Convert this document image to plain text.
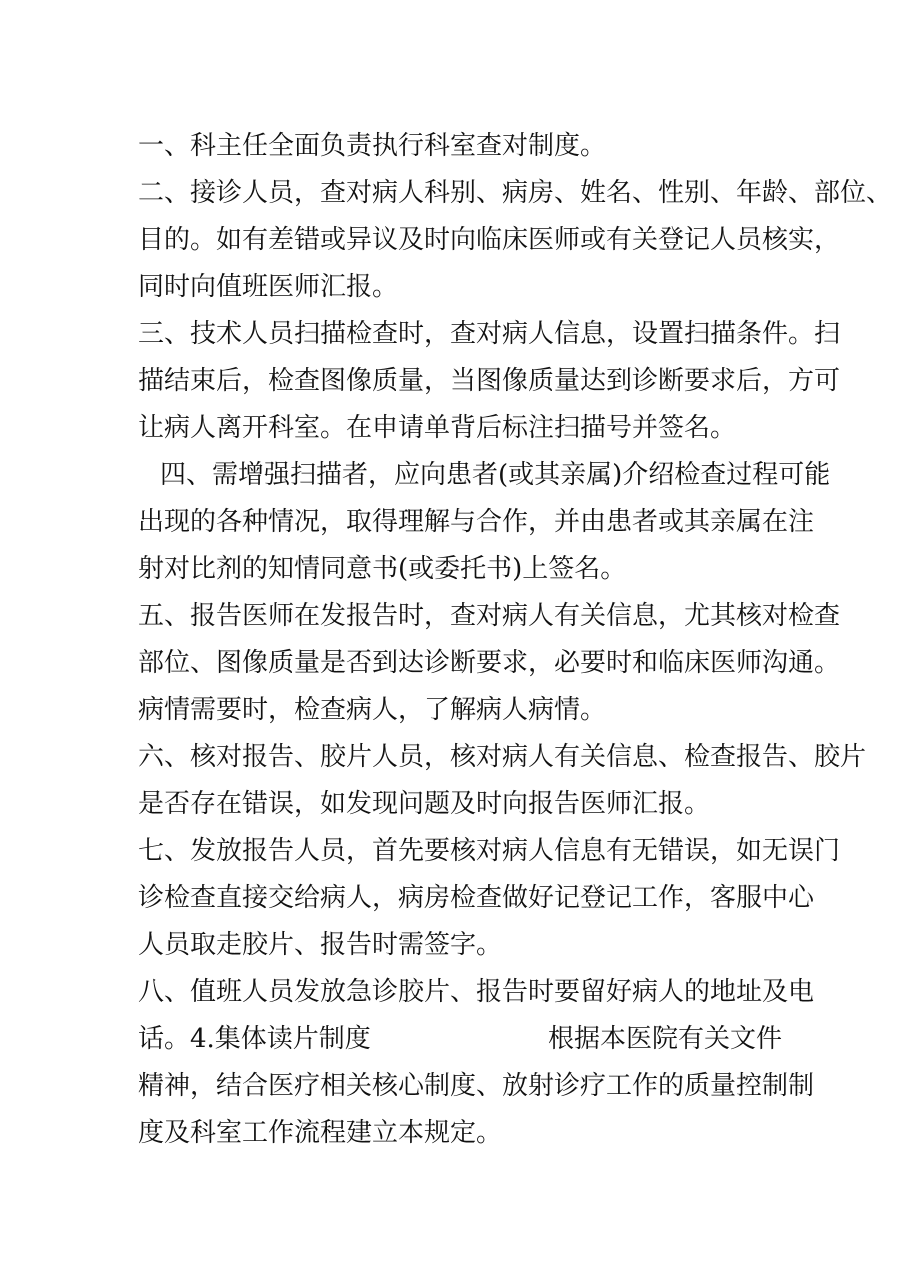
一、科主任全面负责执行科室查对制度。
二、接诊人员，查对病人科别、病房、姓名、性别、年龄、部位、
目的。如有差错或异议及时向临床医师或有关登记人员核实，
同时向值班医师汇报。
三、技术人员扫描检查时，查对病人信息，设置扫描条件。扫
描结束后，检查图像质量，当图像质量达到诊断要求后，方可
让病人离开科室。在申请单背后标注扫描号并签名。
四、需增强扫描者，应向患者(或其亲属)介绍检查过程可能
出现的各种情况，取得理解与合作，并由患者或其亲属在注
射对比剂的知情同意书(或委托书)上签名。
五、报告医师在发报告时，查对病人有关信息，尤其核对检查
部位、图像质量是否到达诊断要求，必要时和临床医师沟通。
病情需要时，检查病人，了解病人病情。
六、核对报告、胶片人员，核对病人有关信息、检查报告、胶片
是否存在错误，如发现问题及时向报告医师汇报。
七、发放报告人员，首先要核对病人信息有无错误，如无误门
诊检查直接交给病人，病房检查做好记登记工作，客服中心
人员取走胶片、报告时需签字。
八、值班人员发放急诊胶片、报告时要留好病人的地址及电
话。4.集体读片制度	根据本医院有关文件
精神，结合医疗相关核心制度、放射诊疗工作的质量控制制
度及科室工作流程建立本规定。
